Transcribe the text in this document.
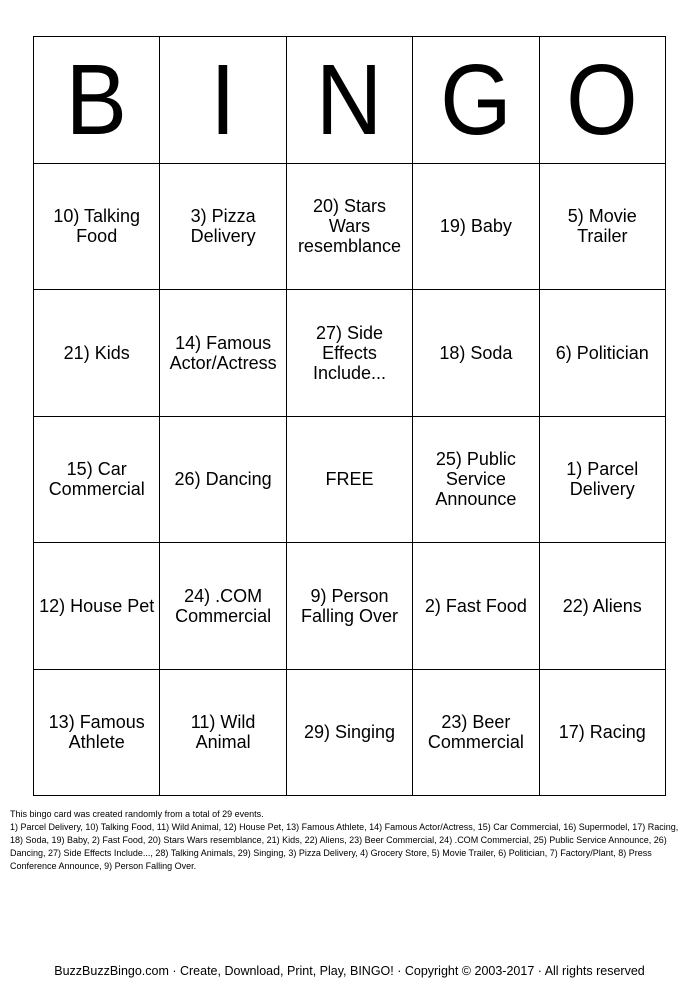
B	I	N	G	O
10) Talking Food	3) Pizza Delivery	20) Stars Wars resemblance	19) Baby	5) Movie Trailer
21) Kids	14) Famous Actor/Actress	27) Side Effects Include...	18) Soda	6) Politician
15) Car Commercial	26) Dancing	FREE	25) Public Service Announce	1) Parcel Delivery
12) House Pet	24) .COM Commercial	9) Person Falling Over	2) Fast Food	22) Aliens
13) Famous Athlete	11) Wild Animal	29) Singing	23) Beer Commercial	17) Racing

This bingo card was created randomly from a total of 29 events.

1) Parcel Delivery, 10) Talking Food, 11) Wild Animal, 12) House Pet, 13) Famous Athlete, 14) Famous Actor/Actress, 15) Car Commercial, 16) Supermodel, 17) Racing, 18) Soda, 19) Baby, 2) Fast Food, 20) Stars Wars resemblance, 21) Kids, 22) Aliens, 23) Beer Commercial, 24) .COM Commercial, 25) Public Service Announce, 26) Dancing, 27) Side Effects Include..., 28) Talking Animals, 29) Singing, 3) Pizza Delivery, 4) Grocery Store, 5) Movie Trailer, 6) Politician, 7) Factory/Plant, 8) Press Conference Announce, 9) Person Falling Over.

BuzzBuzzBingo.com · Create, Download, Print, Play, BINGO! · Copyright © 2003-2017 · All rights reserved
